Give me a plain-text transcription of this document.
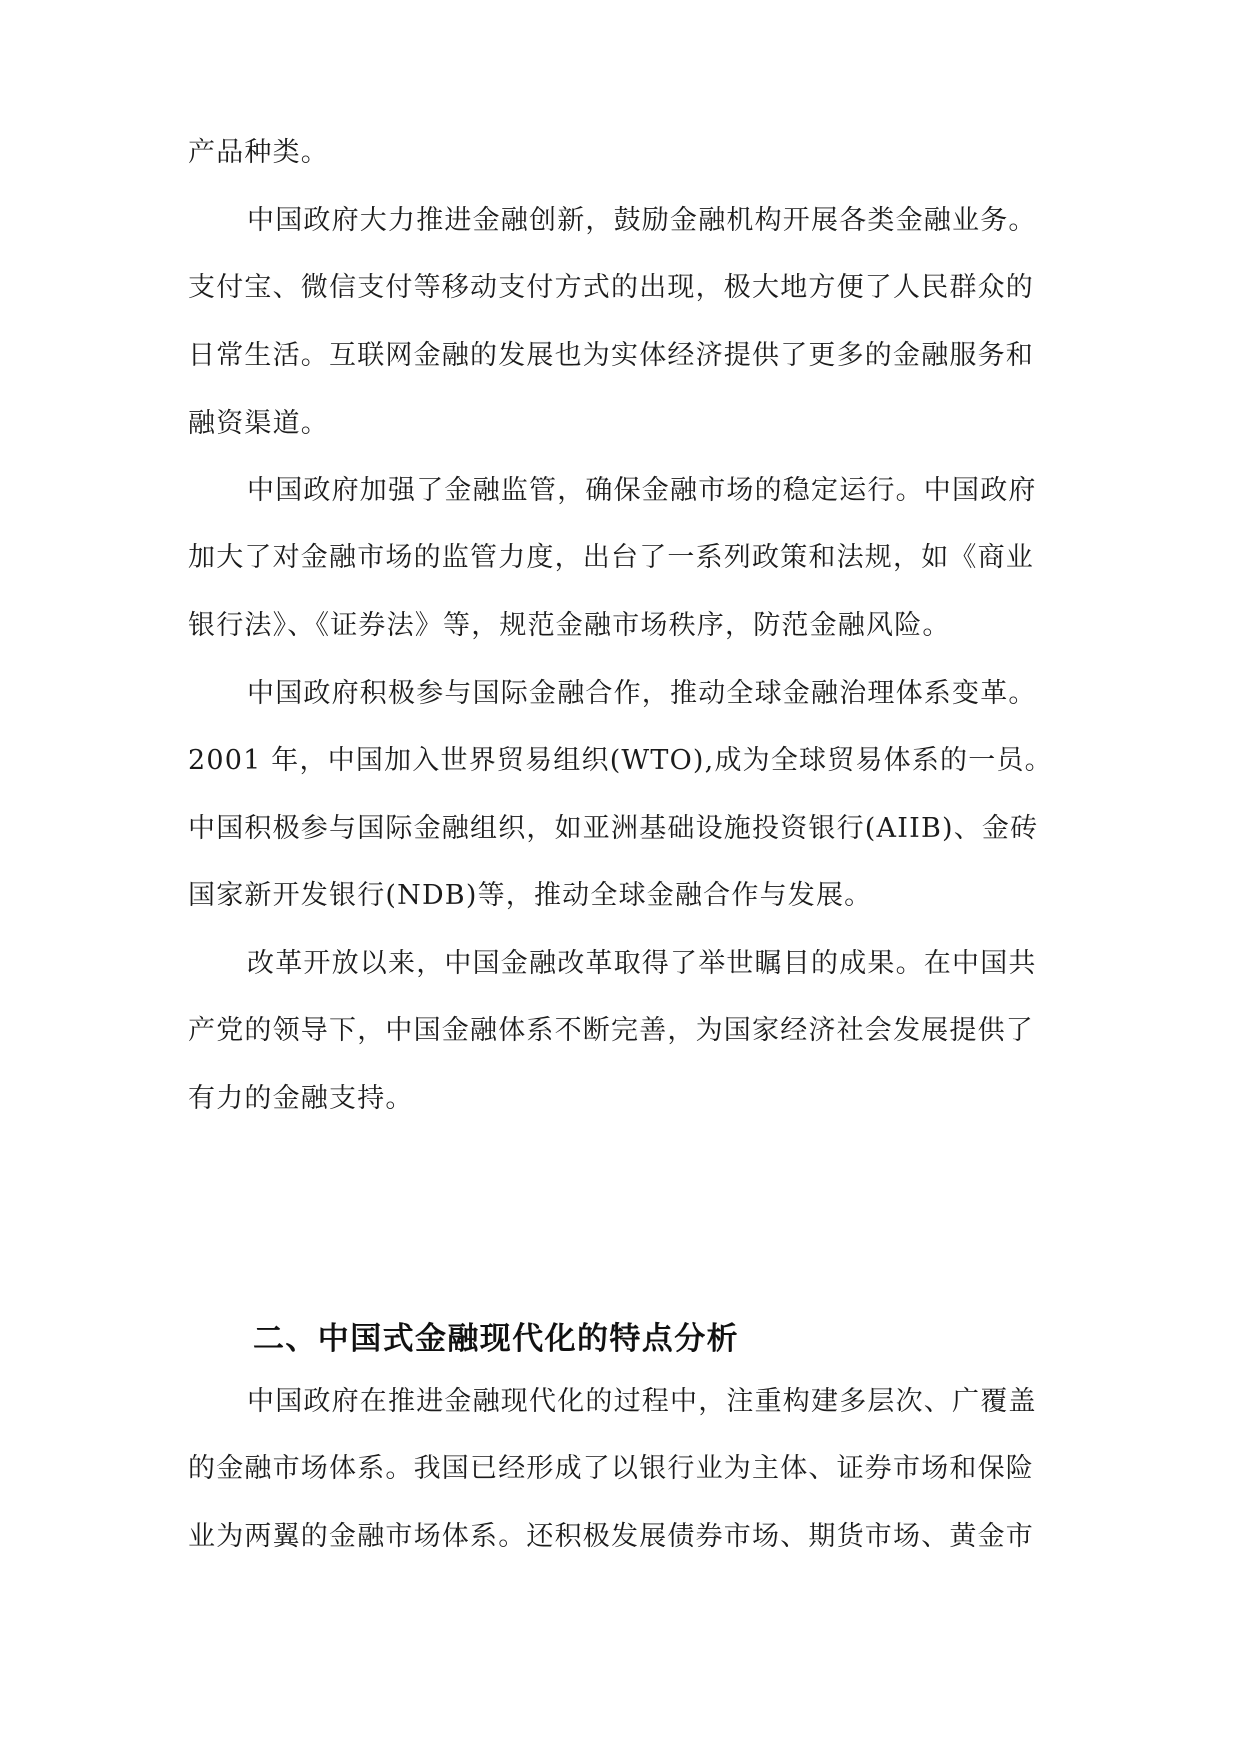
产品种类。
中国政府大力推进金融创新，鼓励金融机构开展各类金融业务。
支付宝、微信支付等移动支付方式的出现，极大地方便了人民群众的
日常生活。互联网金融的发展也为实体经济提供了更多的金融服务和
融资渠道。
中国政府加强了金融监管，确保金融市场的稳定运行。中国政府
加大了对金融市场的监管力度，出台了一系列政策和法规，如《商业
银行法》、《证券法》等，规范金融市场秩序，防范金融风险。
中国政府积极参与国际金融合作，推动全球金融治理体系变革。
2001 年，中国加入世界贸易组织(WTO),成为全球贸易体系的一员。
中国积极参与国际金融组织，如亚洲基础设施投资银行(AIIB)、金砖
国家新开发银行(NDB)等，推动全球金融合作与发展。
改革开放以来，中国金融改革取得了举世瞩目的成果。在中国共
产党的领导下，中国金融体系不断完善，为国家经济社会发展提供了
有力的金融支持。
二、中国式金融现代化的特点分析
中国政府在推进金融现代化的过程中，注重构建多层次、广覆盖
的金融市场体系。我国已经形成了以银行业为主体、证券市场和保险
业为两翼的金融市场体系。还积极发展债券市场、期货市场、黄金市
